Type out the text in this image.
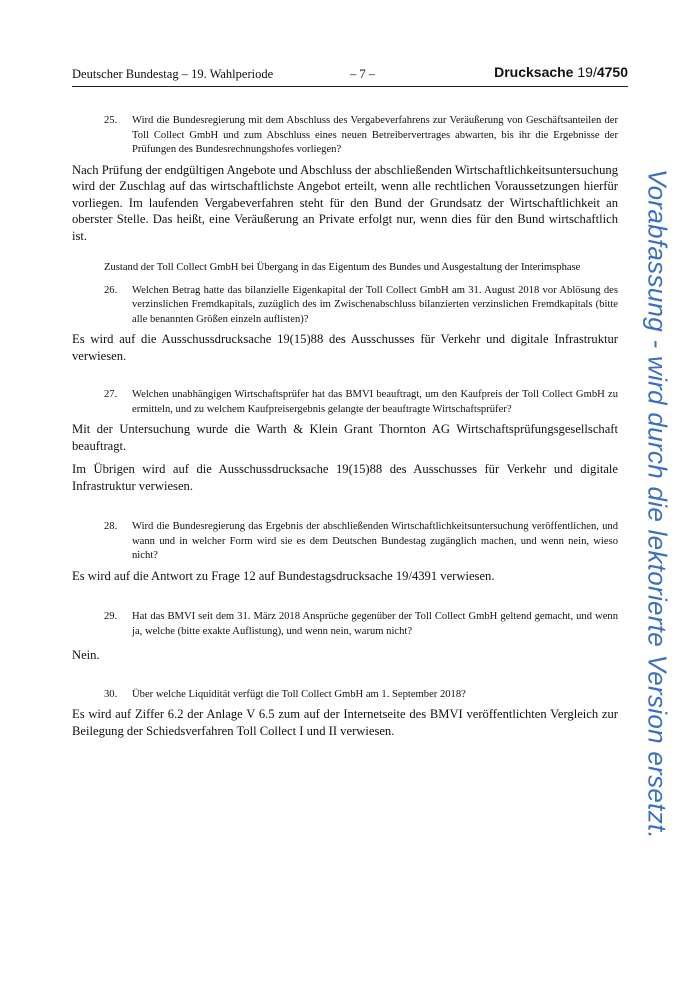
Deutscher Bundestag – 19. Wahlperiode	– 7 –	Drucksache 19/4750
25. Wird die Bundesregierung mit dem Abschluss des Vergabeverfahrens zur Veräußerung von Geschäftsanteilen der Toll Collect GmbH und zum Abschluss eines neuen Betreibervertrages abwarten, bis ihr die Ergebnisse der Prüfungen des Bundesrechnungshofes vorliegen?
Nach Prüfung der endgültigen Angebote und Abschluss der abschließenden Wirtschaftlichkeitsuntersuchung wird der Zuschlag auf das wirtschaftlichste Angebot erteilt, wenn alle rechtlichen Voraussetzungen hierfür vorliegen. Im laufenden Vergabeverfahren steht für den Bund der Grundsatz der Wirtschaftlichkeit an oberster Stelle. Das heißt, eine Veräußerung an Private erfolgt nur, wenn dies für den Bund wirtschaftlich ist.
Zustand der Toll Collect GmbH bei Übergang in das Eigentum des Bundes und Ausgestaltung der Interimsphase
26. Welchen Betrag hatte das bilanzielle Eigenkapital der Toll Collect GmbH am 31. August 2018 vor Ablösung des verzinslichen Fremdkapitals, zuzüglich des im Zwischenabschluss bilanzierten verzinslichen Fremdkapitals (bitte alle benannten Größen einzeln auflisten)?
Es wird auf die Ausschussdrucksache 19(15)88 des Ausschusses für Verkehr und digitale Infrastruktur verwiesen.
27. Welchen unabhängigen Wirtschaftsprüfer hat das BMVI beauftragt, um den Kaufpreis der Toll Collect GmbH zu ermitteln, und zu welchem Kaufpreisergebnis gelangte der beauftragte Wirtschaftsprüfer?
Mit der Untersuchung wurde die Warth & Klein Grant Thornton AG Wirtschaftsprüfungsgesellschaft beauftragt.
Im Übrigen wird auf die Ausschussdrucksache 19(15)88 des Ausschusses für Verkehr und digitale Infrastruktur verwiesen.
28. Wird die Bundesregierung das Ergebnis der abschließenden Wirtschaftlichkeitsuntersuchung veröffentlichen, und wann und in welcher Form wird sie es dem Deutschen Bundestag zugänglich machen, und wenn nein, wieso nicht?
Es wird auf die Antwort zu Frage 12 auf Bundestagsdrucksache 19/4391 verwiesen.
29. Hat das BMVI seit dem 31. März 2018 Ansprüche gegenüber der Toll Collect GmbH geltend gemacht, und wenn ja, welche (bitte exakte Auflistung), und wenn nein, warum nicht?
Nein.
30. Über welche Liquidität verfügt die Toll Collect GmbH am 1. September 2018?
Es wird auf Ziffer 6.2 der Anlage V 6.5 zum auf der Internetseite des BMVI veröffentlichten Vergleich zur Beilegung der Schiedsverfahren Toll Collect I und II verwiesen.	Vorabfassung - wird durch die lektorierte Version ersetzt.
